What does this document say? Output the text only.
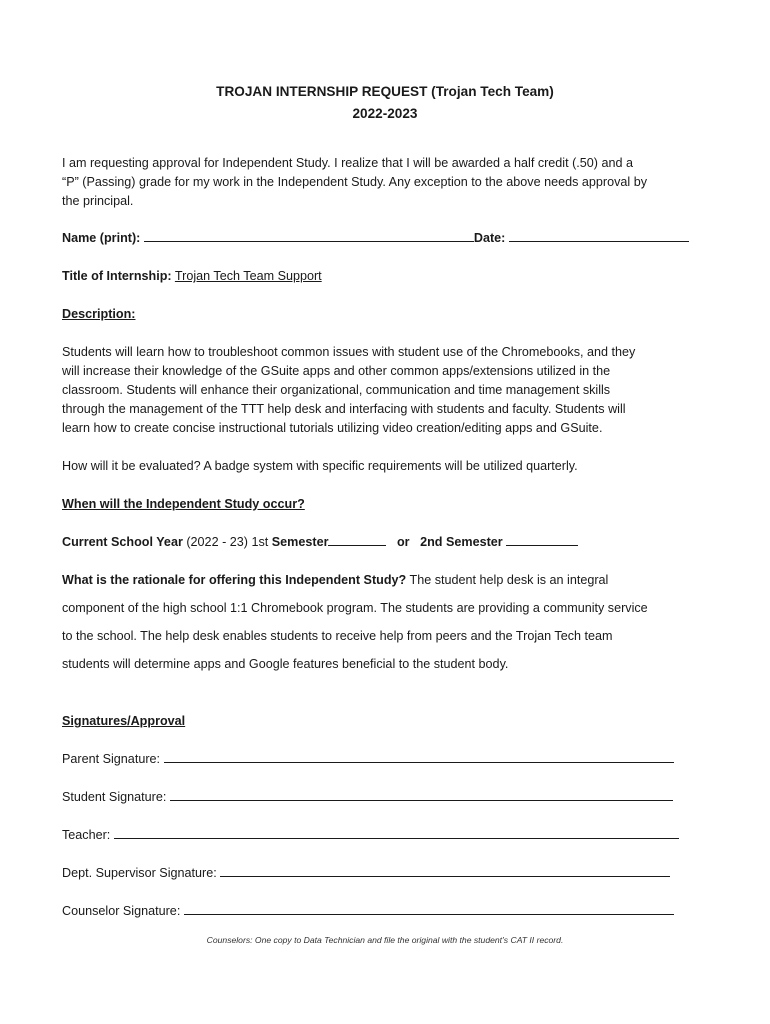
TROJAN INTERNSHIP REQUEST (Trojan Tech Team)
2022-2023
I am requesting approval for Independent Study. I realize that I will be awarded a half credit (.50) and a
“P” (Passing) grade for my work in the Independent Study. Any exception to the above needs approval by
the principal.
Name (print):	Date:
Title of Internship: Trojan Tech Team Support
Description:
Students will learn how to troubleshoot common issues with student use of the Chromebooks, and they
will increase their knowledge of the GSuite apps and other common apps/extensions utilized in the
classroom. Students will enhance their organizational, communication and time management skills
through the management of the TTT help desk and interfacing with students and faculty. Students will
learn how to create concise instructional tutorials utilizing video creation/editing apps and GSuite.
How will it be evaluated? A badge system with specific requirements will be utilized quarterly.
When will the Independent Study occur?
Current School Year (2022 - 23) 1st Semester	or 2nd Semester
What is the rationale for offering this Independent Study? The student help desk is an integral
component of the high school 1:1 Chromebook program. The students are providing a community service
to the school. The help desk enables students to receive help from peers and the Trojan Tech team
students will determine apps and Google features beneficial to the student body.
Signatures/Approval
Parent Signature:
Student Signature:
Teacher:
Dept. Supervisor Signature:
Counselor Signature:
Counselors: One copy to Data Technician and file the original with the student’s CAT II record.
